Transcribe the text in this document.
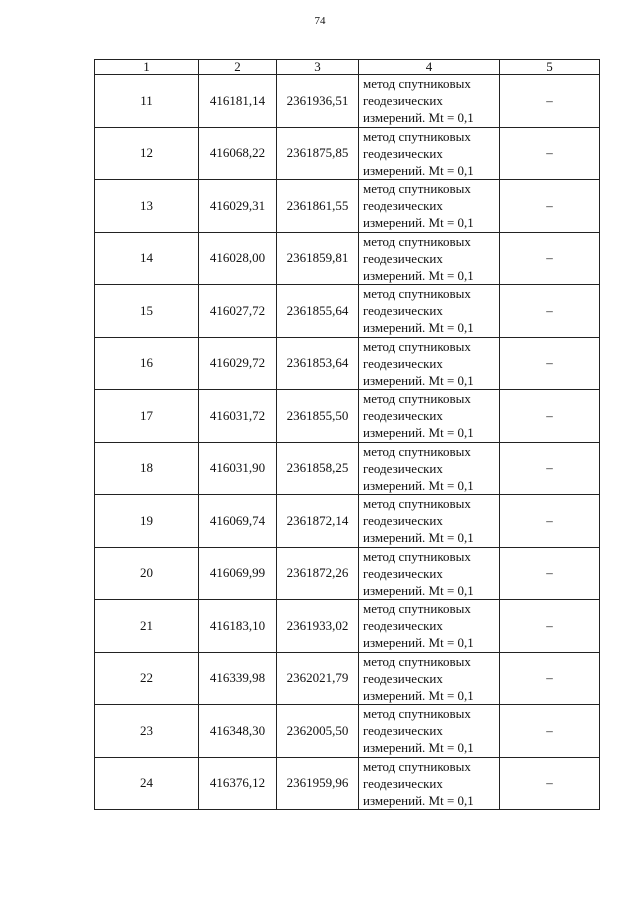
74
1	2	3	4	5
11	416181,14	2361936,51	метод спутниковых
геодезических
измерений. Mt = 0,1	–
12	416068,22	2361875,85	метод спутниковых
геодезических
измерений. Mt = 0,1	–
13	416029,31	2361861,55	метод спутниковых
геодезических
измерений. Mt = 0,1	–
14	416028,00	2361859,81	метод спутниковых
геодезических
измерений. Mt = 0,1	–
15	416027,72	2361855,64	метод спутниковых
геодезических
измерений. Mt = 0,1	–
16	416029,72	2361853,64	метод спутниковых
геодезических
измерений. Mt = 0,1	–
17	416031,72	2361855,50	метод спутниковых
геодезических
измерений. Mt = 0,1	–
18	416031,90	2361858,25	метод спутниковых
геодезических
измерений. Mt = 0,1	–
19	416069,74	2361872,14	метод спутниковых
геодезических
измерений. Mt = 0,1	–
20	416069,99	2361872,26	метод спутниковых
геодезических
измерений. Mt = 0,1	–
21	416183,10	2361933,02	метод спутниковых
геодезических
измерений. Mt = 0,1	–
22	416339,98	2362021,79	метод спутниковых
геодезических
измерений. Mt = 0,1	–
23	416348,30	2362005,50	метод спутниковых
геодезических
измерений. Mt = 0,1	–
24	416376,12	2361959,96	метод спутниковых
геодезических
измерений. Mt = 0,1	–
